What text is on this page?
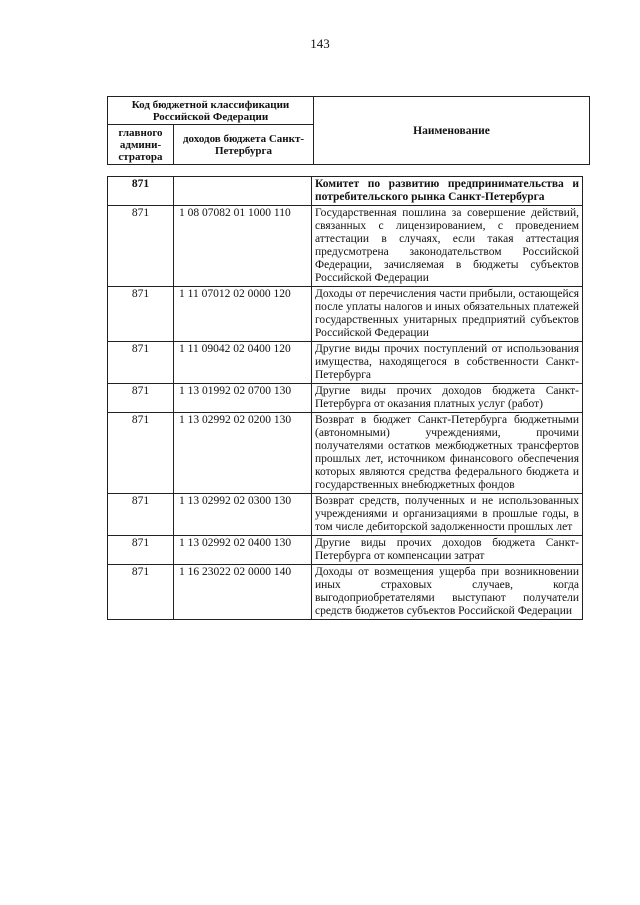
143
Код бюджетной классификации Российской Федерации		Наименование
главного админи-стратора	доходов бюджета Санкт-Петербурга	
871		Комитет по развитию предпринимательства и потребительского рынка Санкт-Петербурга
871	1 08 07082 01 1000 110	Государственная пошлина за совершение действий, связанных с лицензированием, с проведением аттестации в случаях, если такая аттестация предусмотрена законодательством Российской Федерации, зачисляемая в бюджеты субъектов Российской Федерации
871	1 11 07012 02 0000 120	Доходы от перечисления части прибыли, остающейся после уплаты налогов и иных обязательных платежей государственных унитарных предприятий субъектов Российской Федерации
871	1 11 09042 02 0400 120	Другие виды прочих поступлений от использования имущества, находящегося в собственности Санкт-Петербурга
871	1 13 01992 02 0700 130	Другие виды прочих доходов бюджета Санкт-Петербурга от оказания платных услуг (работ)
871	1 13 02992 02 0200 130	Возврат в бюджет Санкт-Петербурга бюджетными (автономными) учреждениями, прочими получателями остатков межбюджетных трансфертов прошлых лет, источником финансового обеспечения которых являются средства федерального бюджета и государственных внебюджетных фондов
871	1 13 02992 02 0300 130	Возврат средств, полученных и не использованных учреждениями и организациями в прошлые годы, в том числе дебиторской задолженности прошлых лет
871	1 13 02992 02 0400 130	Другие виды прочих доходов бюджета Санкт-Петербурга от компенсации затрат
871	1 16 23022 02 0000 140	Доходы от возмещения ущерба при возникновении иных страховых случаев, когда выгодоприобретателями выступают получатели средств бюджетов субъектов Российской Федерации
